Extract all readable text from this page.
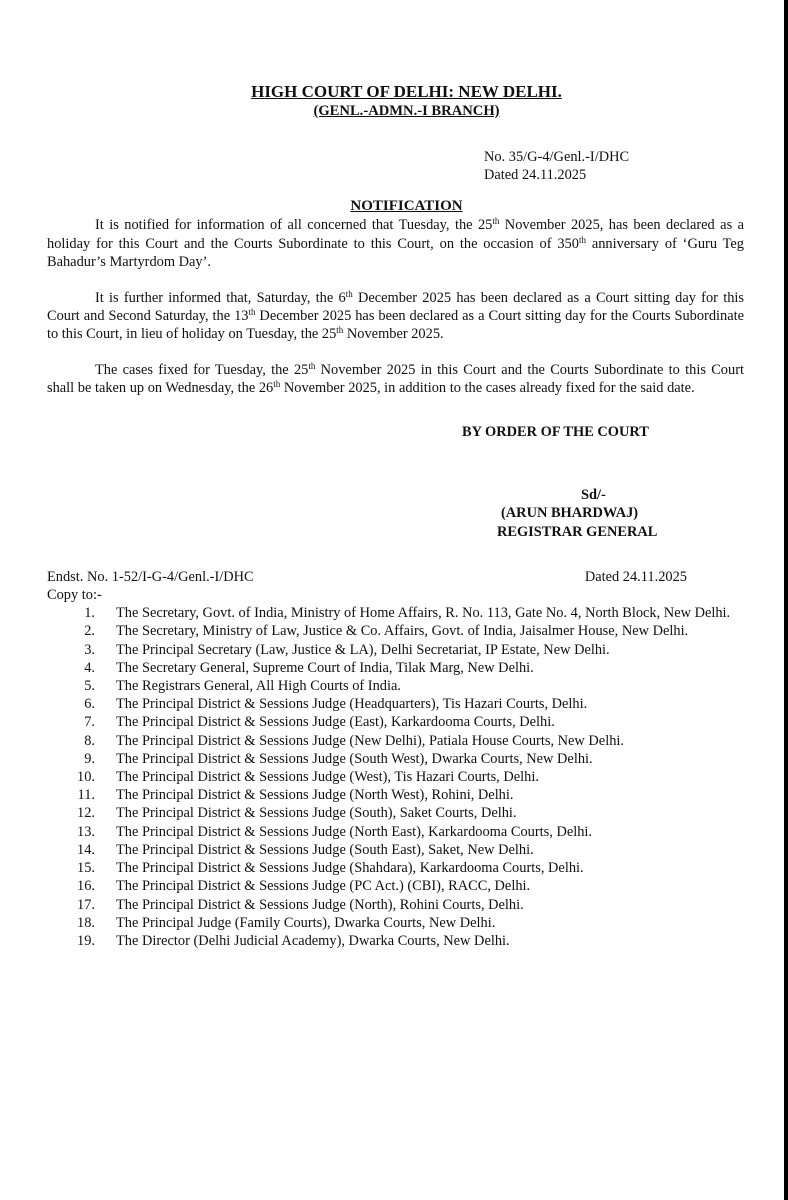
HIGH COURT OF DELHI: NEW DELHI.

(GENL.-ADMN.-I BRANCH)

No. 35/G-4/Genl.-I/DHC
Dated 24.11.2025

NOTIFICATION

It is notified for information of all concerned that Tuesday, the 25th November 2025, has been declared as a holiday for this Court and the Courts Subordinate to this Court, on the occasion of 350th anniversary of ‘Guru Teg Bahadur’s Martyrdom Day’.

It is further informed that, Saturday, the 6th December 2025 has been declared as a Court sitting day for this Court and Second Saturday, the 13th December 2025 has been declared as a Court sitting day for the Courts Subordinate to this Court, in lieu of holiday on Tuesday, the 25th November 2025.

The cases fixed for Tuesday, the 25th November 2025 in this Court and the Courts Subordinate to this Court shall be taken up on Wednesday, the 26th November 2025, in addition to the cases already fixed for the said date.

BY ORDER OF THE COURT
Sd/-
(ARUN BHARDWAJ)
REGISTRAR GENERAL
Endst. No. 1-52/I-G-4/Genl.-I/DHC	Dated 24.11.2025

Copy to:-

1. The Secretary, Govt. of India, Ministry of Home Affairs, R. No. 113, Gate No. 4, North Block, New Delhi.
2. The Secretary, Ministry of Law, Justice & Co. Affairs, Govt. of India, Jaisalmer House, New Delhi.
3. The Principal Secretary (Law, Justice & LA), Delhi Secretariat, IP Estate, New Delhi.
4. The Secretary General, Supreme Court of India, Tilak Marg, New Delhi.
5. The Registrars General, All High Courts of India.
6. The Principal District & Sessions Judge (Headquarters), Tis Hazari Courts, Delhi.
7. The Principal District & Sessions Judge (East), Karkardooma Courts, Delhi.
8. The Principal District & Sessions Judge (New Delhi), Patiala House Courts, New Delhi.
9. The Principal District & Sessions Judge (South West), Dwarka Courts, New Delhi.
10. The Principal District & Sessions Judge (West), Tis Hazari Courts, Delhi.
11. The Principal District & Sessions Judge (North West), Rohini, Delhi.
12. The Principal District & Sessions Judge (South), Saket Courts, Delhi.
13. The Principal District & Sessions Judge (North East), Karkardooma Courts, Delhi.
14. The Principal District & Sessions Judge (South East), Saket, New Delhi.
15. The Principal District & Sessions Judge (Shahdara), Karkardooma Courts, Delhi.
16. The Principal District & Sessions Judge (PC Act.) (CBI), RACC, Delhi.
17. The Principal District & Sessions Judge (North), Rohini Courts, Delhi.
18. The Principal Judge (Family Courts), Dwarka Courts, New Delhi.
19. The Director (Delhi Judicial Academy), Dwarka Courts, New Delhi.
